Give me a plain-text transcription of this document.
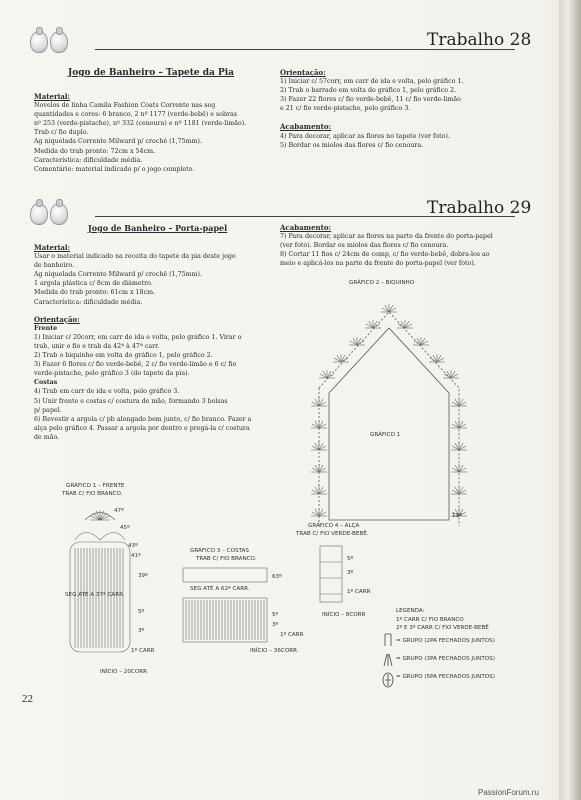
Trabalho 28
Jogo de Banheiro – Tapete da Pia
Material:
Novelos de linha Camila Fashion Coats Corrente nas seg
quantidades e cores: 6 branco, 2 nº 1177 (verde-bebê) e sobras
nº 253 (verde-pistache), nº 332 (cenoura) e nº 1181 (verde-limão).
Trab c/ fio duplo.
Ag niquelada Corrente Milward p/ crochê (1,75mm).
Medida do trab pronto: 72cm x 54cm.
Característica: dificuldade média.
Comentário: material indicado p/ o jogo completo.
Orientação:
1) Iniciar c/ 57corr, em carr de ida e volta, pelo gráfico 1.
2) Trab o barrado em volta do gráfico 1, pelo gráfico 2.
3) Fazer 22 flores c/ fio verde-bebê, 11 c/ fio verde-limão
e 21 c/ fio verde-pistache, pelo gráfico 3.
Acabamento:
4) Para decorar, aplicar as flores no tapete (ver foto).
5) Bordar os miolos das flores c/ fio cenoura.
Trabalho 29
Jogo de Banheiro – Porta-papel
Material:
Usar o material indicado na receita do tapete da pia deste jogo
de banheiro.
Ag niquelada Corrente Milward p/ crochê (1,75mm).
1 argola plástica c/ 8cm de diâmetro.
Medida do trab pronto: 61cm x 18cm.
Característica: dificuldade média.
Orientação:
Frente
1) Iniciar c/ 20corr, em carr de ida e volta, pelo gráfico 1. Virar o
trab, unir o fio e trab da 42ª à 47ª carr.
2) Trab o biquinho em volta do gráfico 1, pelo gráfico 2.
3) Fazer 6 flores c/ fio verde-bebê, 2 c/ fio verde-limão e 6 c/ fio
verde-pistache, pelo gráfico 3 (do tapete da pia).
Costas
4) Trab em carr de ida e volta, pelo gráfico 3.
5) Unir frente e costas c/ costura de mão, formando 3 bolsas
p/ papel.
6) Revestir a argola c/ pb alongado bem junto, c/ fio branco. Fazer a
alça pelo gráfico 4. Passar a argola por dentro e pregá-la c/ costura
de mão.
Acabamento:
7) Para decorar, aplicar as flores na parte da frente do porta-papel
(ver foto). Bordar os miolos das flores c/ fio cenoura.
8) Cortar 11 fios c/ 24cm de comp, c/ fio verde-bebê, dobra-los ao
meio e aplicá-los na parte da frente do porta-papel (ver foto).
GRÁFICO 2 – BIQUINHO
GRÁFICO 1
11º
GRÁFICO 4 – ALÇA
TRAB C/ FIO VERDE-BEBÊ.
5º
3º
1º CARR
INÍCIO – 8CORR
LEGENDA:
1º CARR C/ FIO BRANCO
2º E 3º CARR C/ FIO VERDE-BEBÊ
= GRUPO (2PA FECHADOS JUNTOS)
= GRUPO (3PA FECHADOS JUNTOS)
= GRUPO (5PA FECHADOS JUNTOS)
GRÁFICO 1 – FRENTE
TRAB C/ FIO BRANCO.
47º
45º
43º
41º
39º
SEG ATÉ A 37ª CARR.
5º
3º
1º CARR
INÍCIO – 20CORR
GRÁFICO 3 – COSTAS
TRAB C/ FIO BRANCO.
63º
SEG ATÉ A 62ª CARR.
5º
3º
1º CARR
INÍCIO – 36CORR
22
PassionForum.ru
